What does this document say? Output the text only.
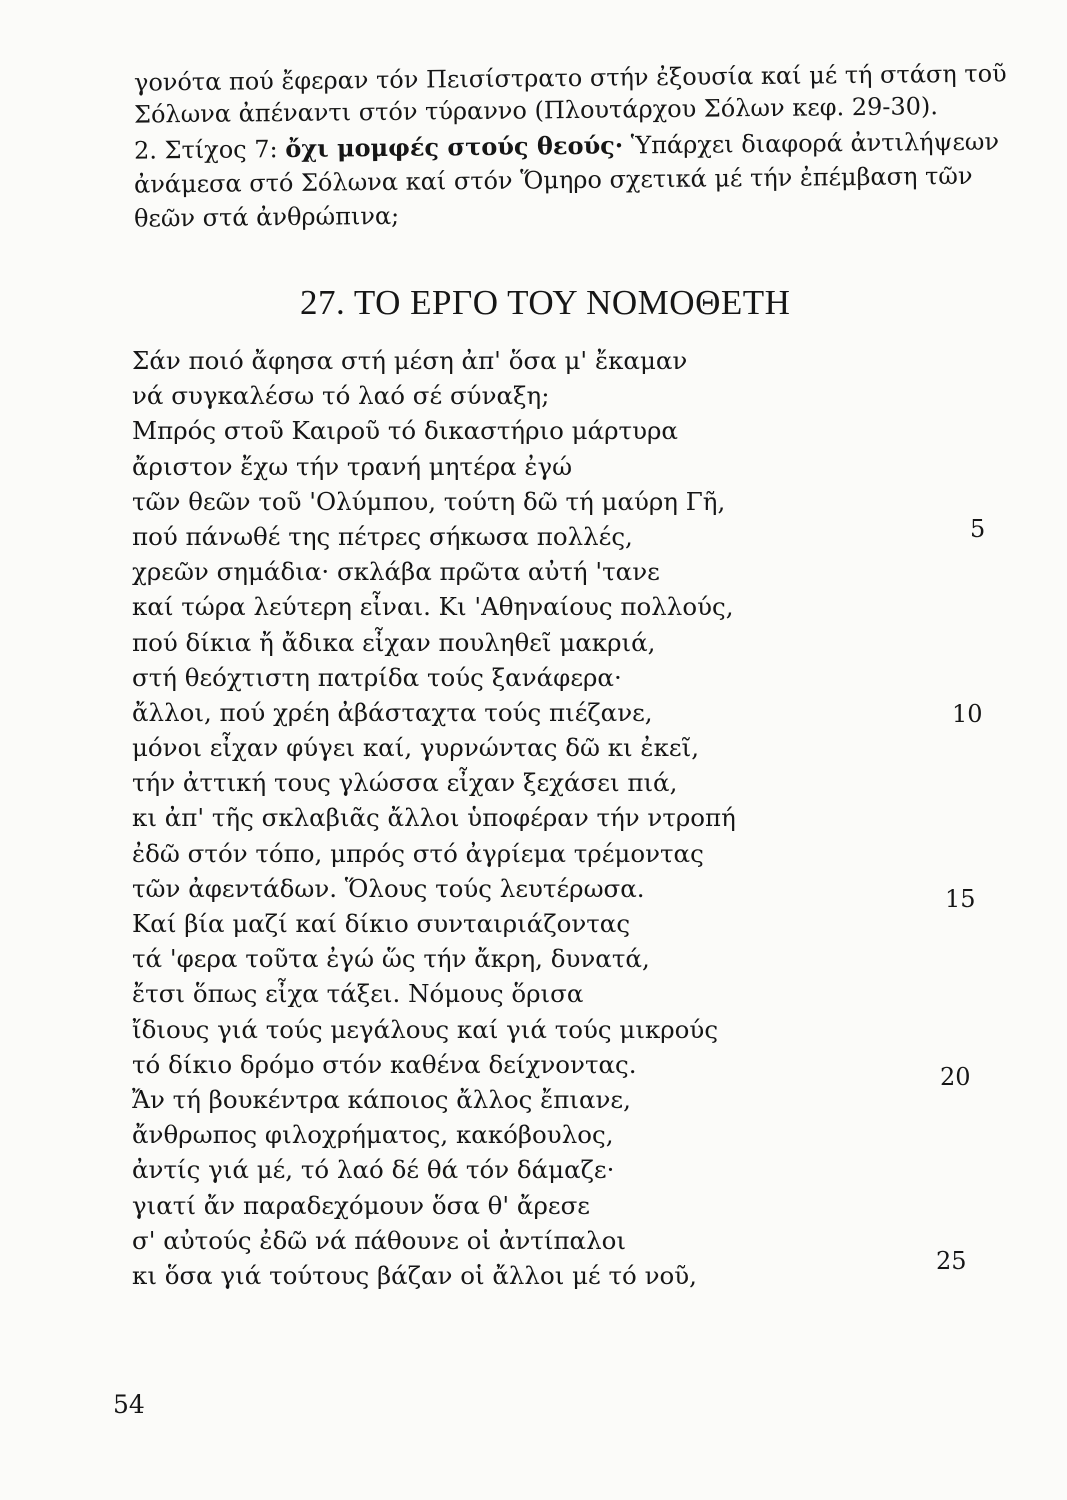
γονότα πού ἔφεραν τόν Πεισίστρατο στήν ἐξουσία καί μέ τή στάση τοῦ
Σόλωνα ἀπέναντι στόν τύραννο (Πλουτάρχου Σόλων κεφ. 29-30).
2. Στίχος 7: ὄχι μομφές στούς θεούς· Ὑπάρχει διαφορά ἀντιλήψεων
ἀνάμεσα στό Σόλωνα καί στόν Ὅμηρο σχετικά μέ τήν ἐπέμβαση τῶν
θεῶν στά ἀνθρώπινα;
27. ΤΟ ΕΡΓΟ ΤΟΥ ΝΟΜΟΘΕΤΗ
Σάν ποιό ἄφησα στή μέση ἀπ' ὅσα μ' ἔκαμαν
νά συγκαλέσω τό λαό σέ σύναξη;
Μπρός στοῦ Καιροῦ τό δικαστήριο μάρτυρα
ἄριστον ἔχω τήν τρανή μητέρα ἐγώ
τῶν θεῶν τοῦ 'Ολύμπου, τούτη δῶ τή μαύρη Γῆ,
πού πάνωθέ της πέτρες σήκωσα πολλές,
χρεῶν σημάδια· σκλάβα πρῶτα αὐτή 'τανε
καί τώρα λεύτερη εἶναι. Κι 'Αθηναίους πολλούς,
πού δίκια ἤ ἄδικα εἶχαν πουληθεῖ μακριά,
στή θεόχτιστη πατρίδα τούς ξανάφερα·
ἄλλοι, πού χρέη ἀβάσταχτα τούς πιέζανε,
μόνοι εἶχαν φύγει καί, γυρνώντας δῶ κι ἐκεῖ,
τήν ἀττική τους γλώσσα εἶχαν ξεχάσει πιά,
κι ἀπ' τῆς σκλαβιᾶς ἄλλοι ὑποφέραν τήν ντροπή
ἐδῶ στόν τόπο, μπρός στό ἀγρίεμα τρέμοντας
τῶν ἀφεντάδων. Ὅλους τούς λευτέρωσα.
Καί βία μαζί καί δίκιο συνταιριάζοντας
τά 'φερα τοῦτα ἐγώ ὥς τήν ἄκρη, δυνατά,
ἔτσι ὅπως εἶχα τάξει. Νόμους ὅρισα
ἴδιους γιά τούς μεγάλους καί γιά τούς μικρούς
τό δίκιο δρόμο στόν καθένα δείχνοντας.
Ἄν τή βουκέντρα κάποιος ἄλλος ἔπιανε,
ἄνθρωπος φιλοχρήματος, κακόβουλος,
ἀντίς γιά μέ, τό λαό δέ θά τόν δάμαζε·
γιατί ἄν παραδεχόμουν ὅσα θ' ἄρεσε
σ' αὐτούς ἐδῶ νά πάθουνε οἱ ἀντίπαλοι
κι ὅσα γιά τούτους βάζαν οἱ ἄλλοι μέ τό νοῦ,
5
10
15
20
25
54
